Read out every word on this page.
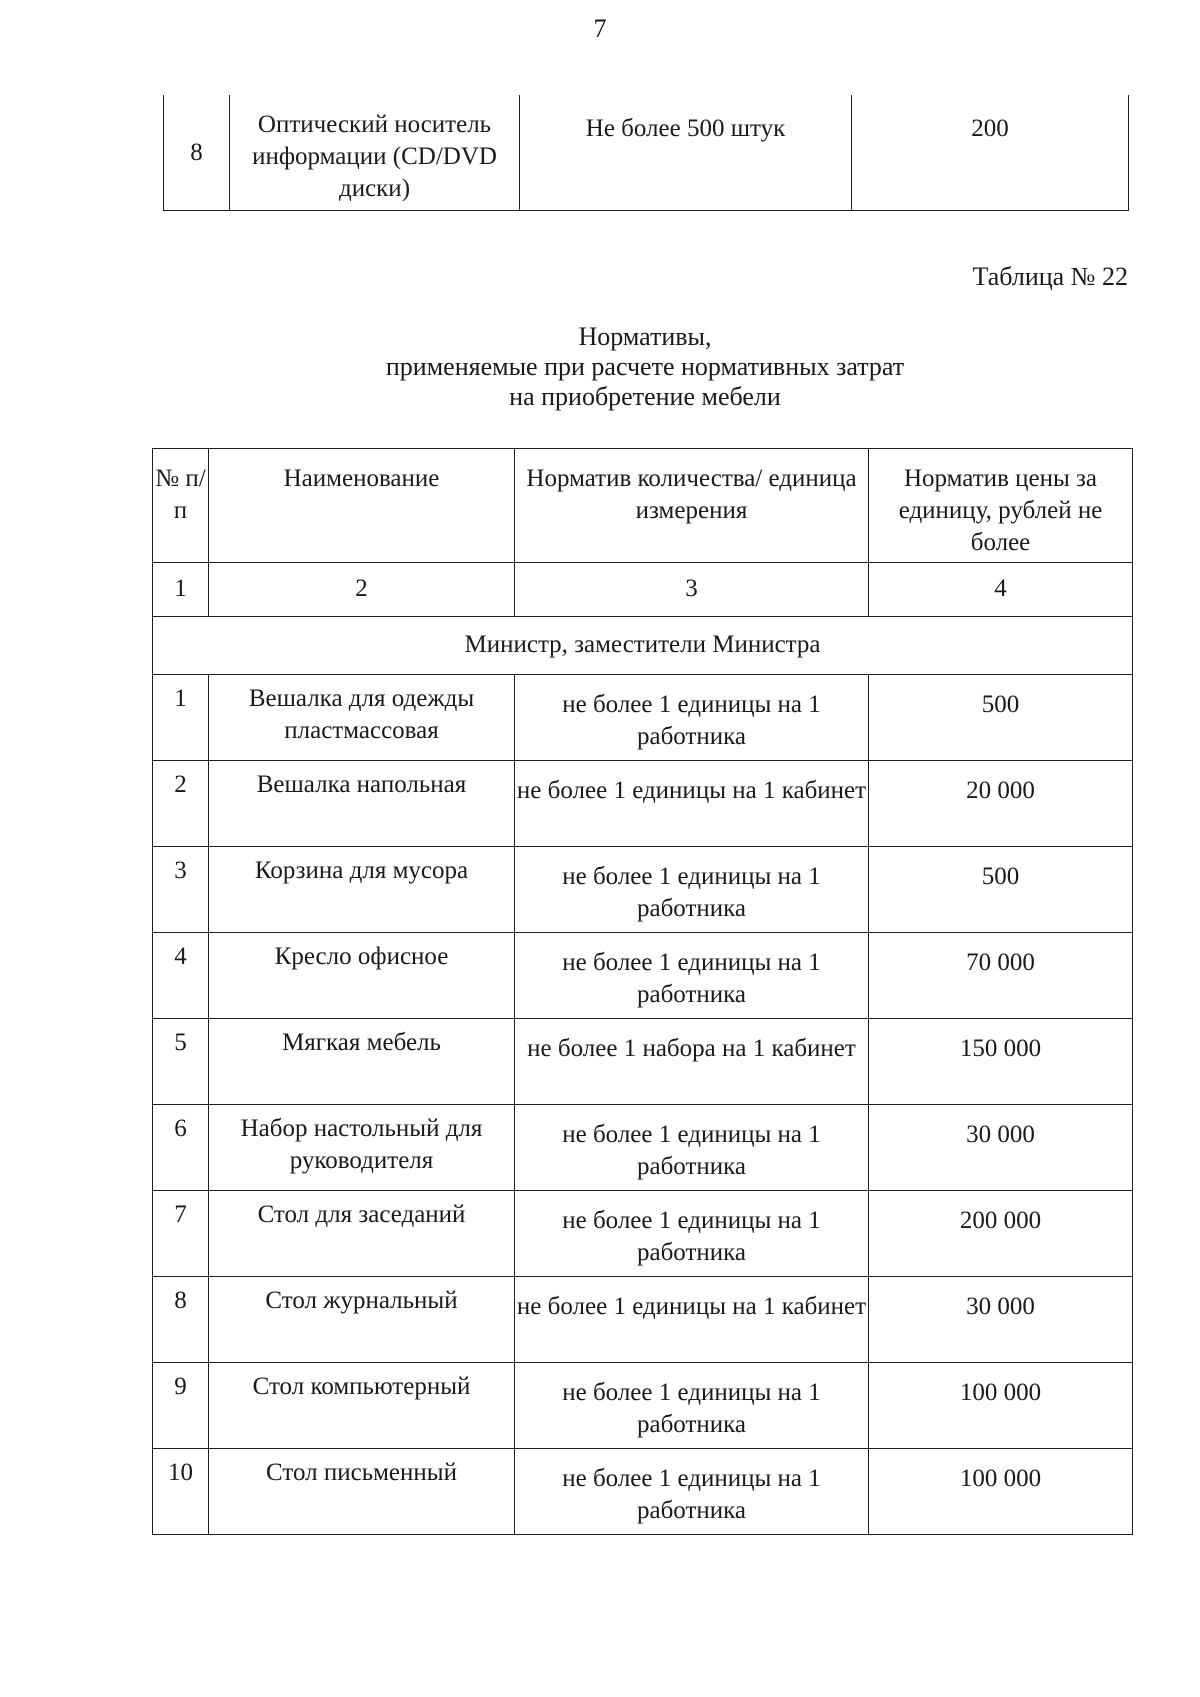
7
8	Оптический носитель информации (CD/DVD диски)	Не более 500 штук	200
Таблица № 22
Нормативы,
применяемые при расчете нормативных затрат
на приобретение мебели
№ п/п	Наименование	Норматив количества/ единица измерения	Норматив цены за единицу, рублей не более
1	2	3	4
Министр, заместители Министра			
1	Вешалка для одежды пластмассовая	не более 1 единицы на 1 работника	500
2	Вешалка напольная	не более 1 единицы на 1 кабинет	20 000
3	Корзина для мусора	не более 1 единицы на 1 работника	500
4	Кресло офисное	не более 1 единицы на 1 работника	70 000
5	Мягкая мебель	не более 1 набора на 1 кабинет	150 000
6	Набор настольный для руководителя	не более 1 единицы на 1 работника	30 000
7	Стол для заседаний	не более 1 единицы на 1 работника	200 000
8	Стол журнальный	не более 1 единицы на 1 кабинет	30 000
9	Стол компьютерный	не более 1 единицы на 1 работника	100 000
10	Стол письменный	не более 1 единицы на 1 работника	100 000
